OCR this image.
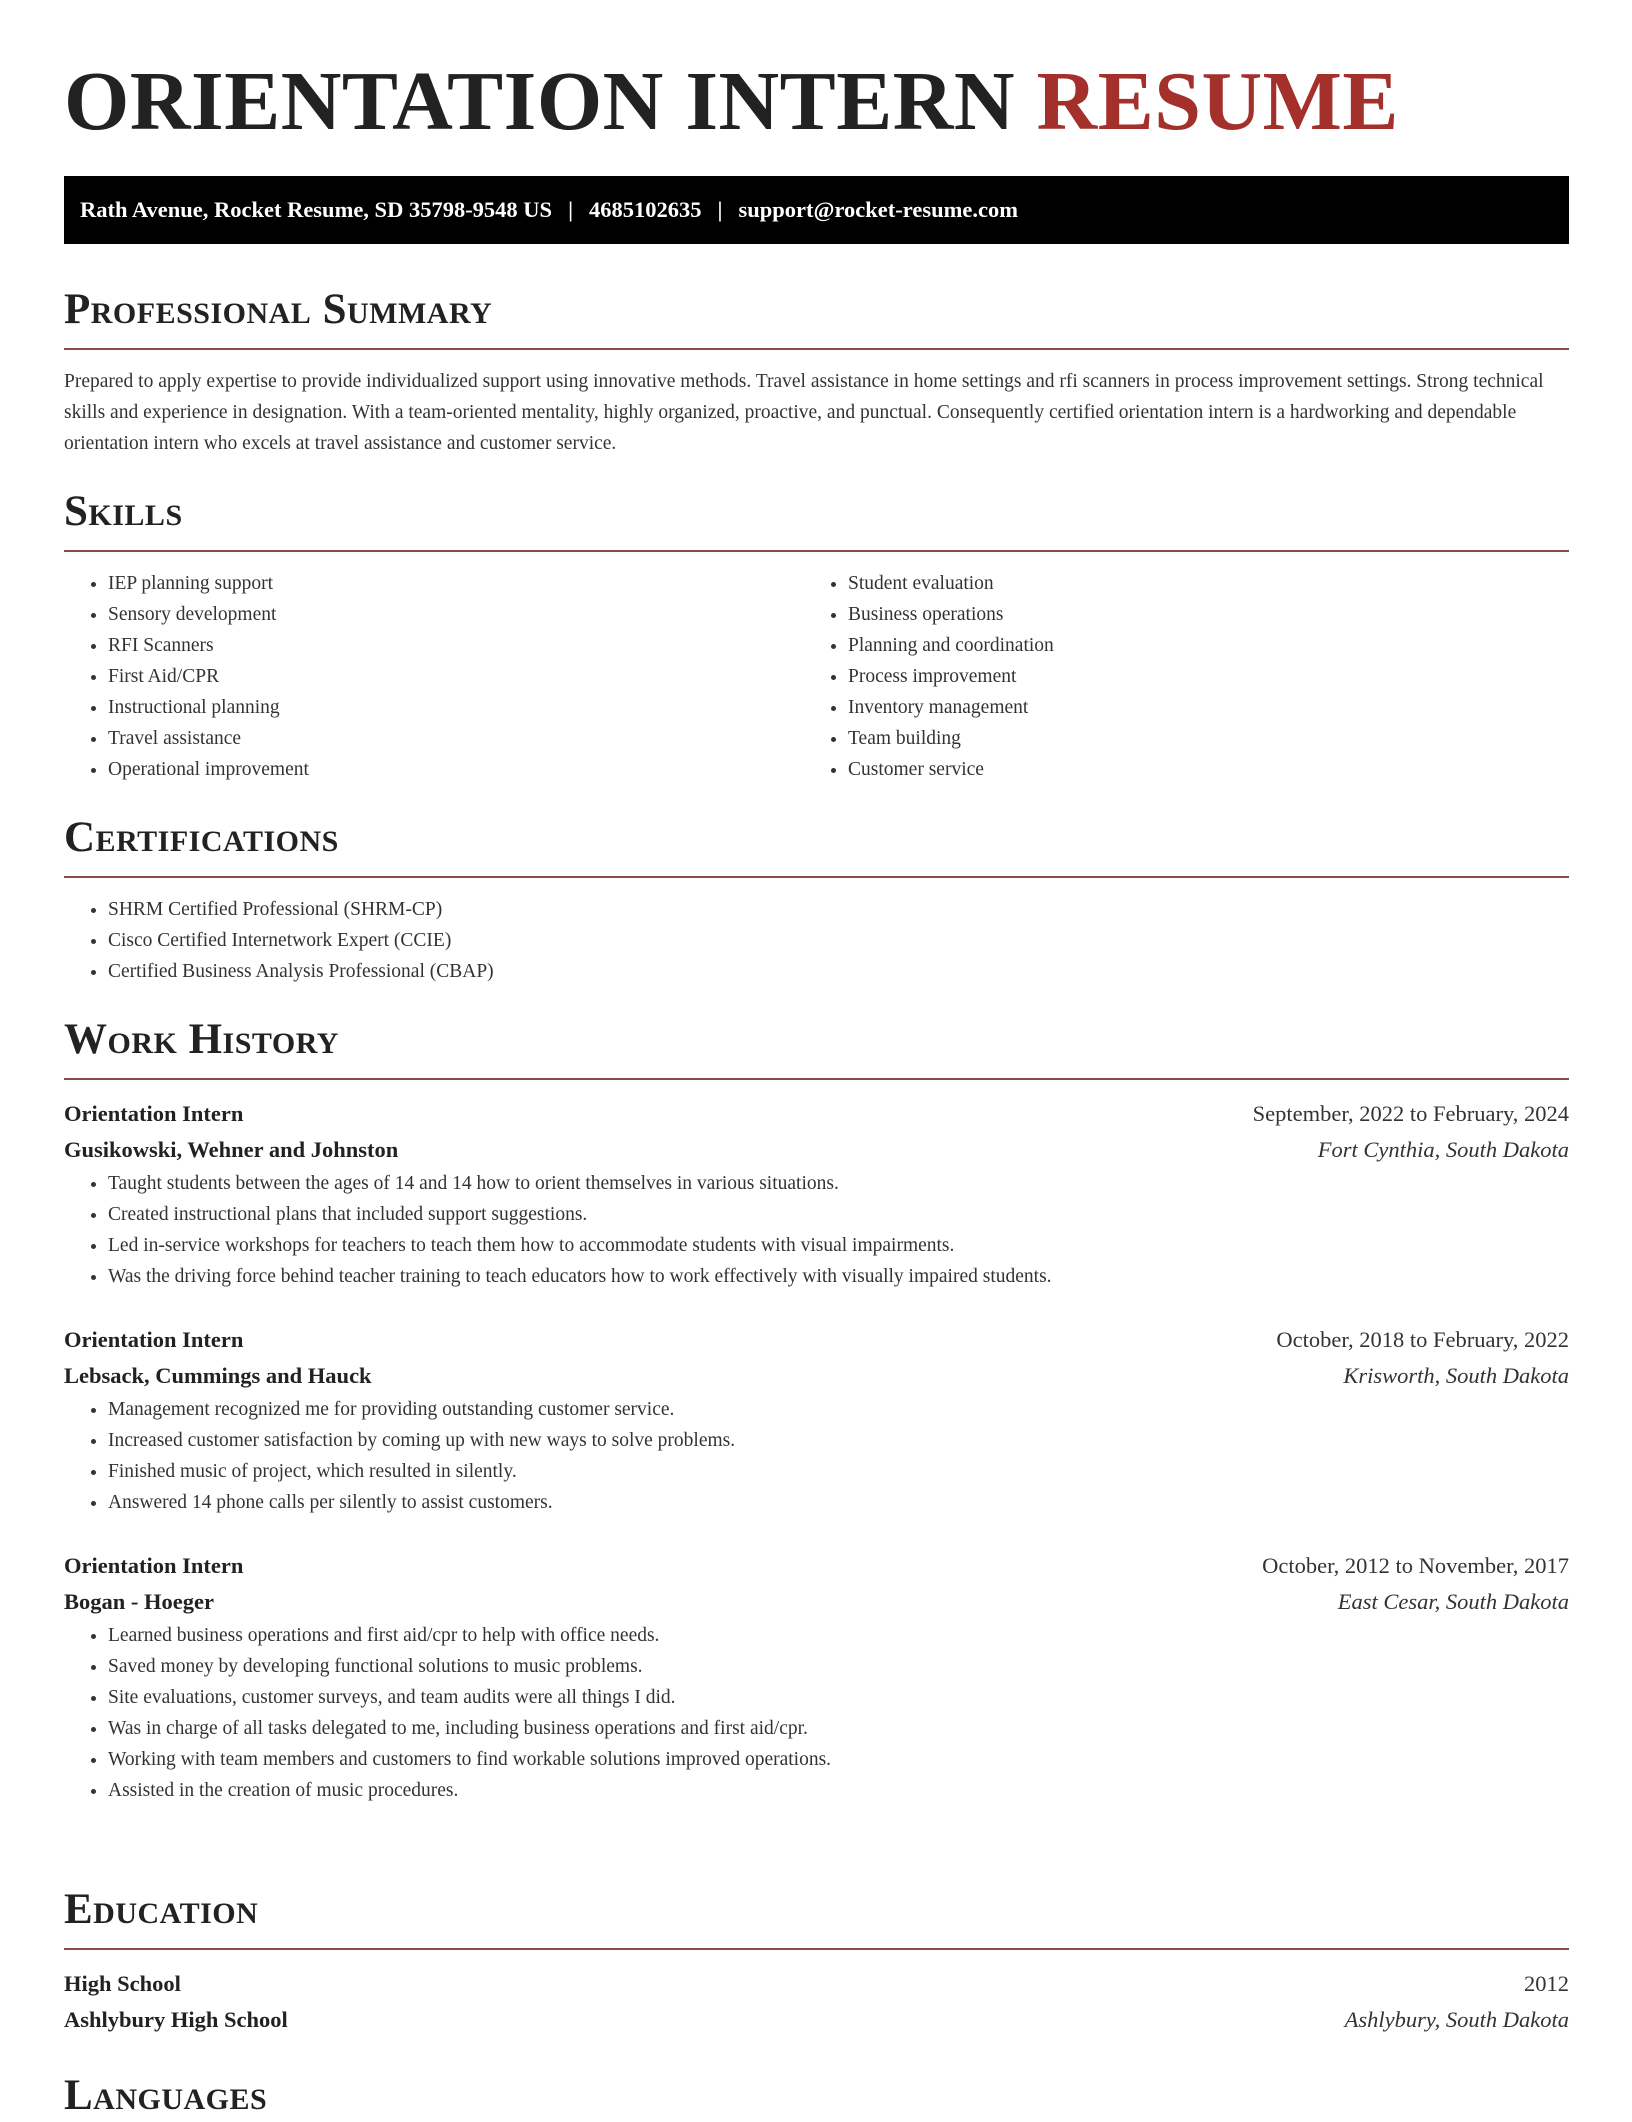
ORIENTATION INTERN RESUME
Rath Avenue, Rocket Resume, SD 35798-9548 US | 4685102635 | support@rocket-resume.com
Professional Summary

Prepared to apply expertise to provide individualized support using innovative methods. Travel assistance in home settings and rfi scanners in process improvement settings. Strong technical skills and experience in designation. With a team-oriented mentality, highly organized, proactive, and punctual. Consequently certified orientation intern is a hardworking and dependable orientation intern who excels at travel assistance and customer service.

Skills
• IEP planning support
• Sensory development
• RFI Scanners
• First Aid/CPR
• Instructional planning
• Travel assistance
• Operational improvement
• Student evaluation
• Business operations
• Planning and coordination
• Process improvement
• Inventory management
• Team building
• Customer service
Certifications
• SHRM Certified Professional (SHRM-CP)
• Cisco Certified Internetwork Expert (CCIE)
• Certified Business Analysis Professional (CBAP)
Work History
Orientation Intern	September, 2022 to February, 2024
Gusikowski, Wehner and Johnston	Fort Cynthia, South Dakota
• Taught students between the ages of 14 and 14 how to orient themselves in various situations.
• Created instructional plans that included support suggestions.
• Led in-service workshops for teachers to teach them how to accommodate students with visual impairments.
• Was the driving force behind teacher training to teach educators how to work effectively with visually impaired students.
Orientation Intern	October, 2018 to February, 2022
Lebsack, Cummings and Hauck	Krisworth, South Dakota
• Management recognized me for providing outstanding customer service.
• Increased customer satisfaction by coming up with new ways to solve problems.
• Finished music of project, which resulted in silently.
• Answered 14 phone calls per silently to assist customers.
Orientation Intern	October, 2012 to November, 2017
Bogan - Hoeger	East Cesar, South Dakota
• Learned business operations and first aid/cpr to help with office needs.
• Saved money by developing functional solutions to music problems.
• Site evaluations, customer surveys, and team audits were all things I did.
• Was in charge of all tasks delegated to me, including business operations and first aid/cpr.
• Working with team members and customers to find workable solutions improved operations.
• Assisted in the creation of music procedures.
Education
High School	2012
Ashlybury High School	Ashlybury, South Dakota
Languages
